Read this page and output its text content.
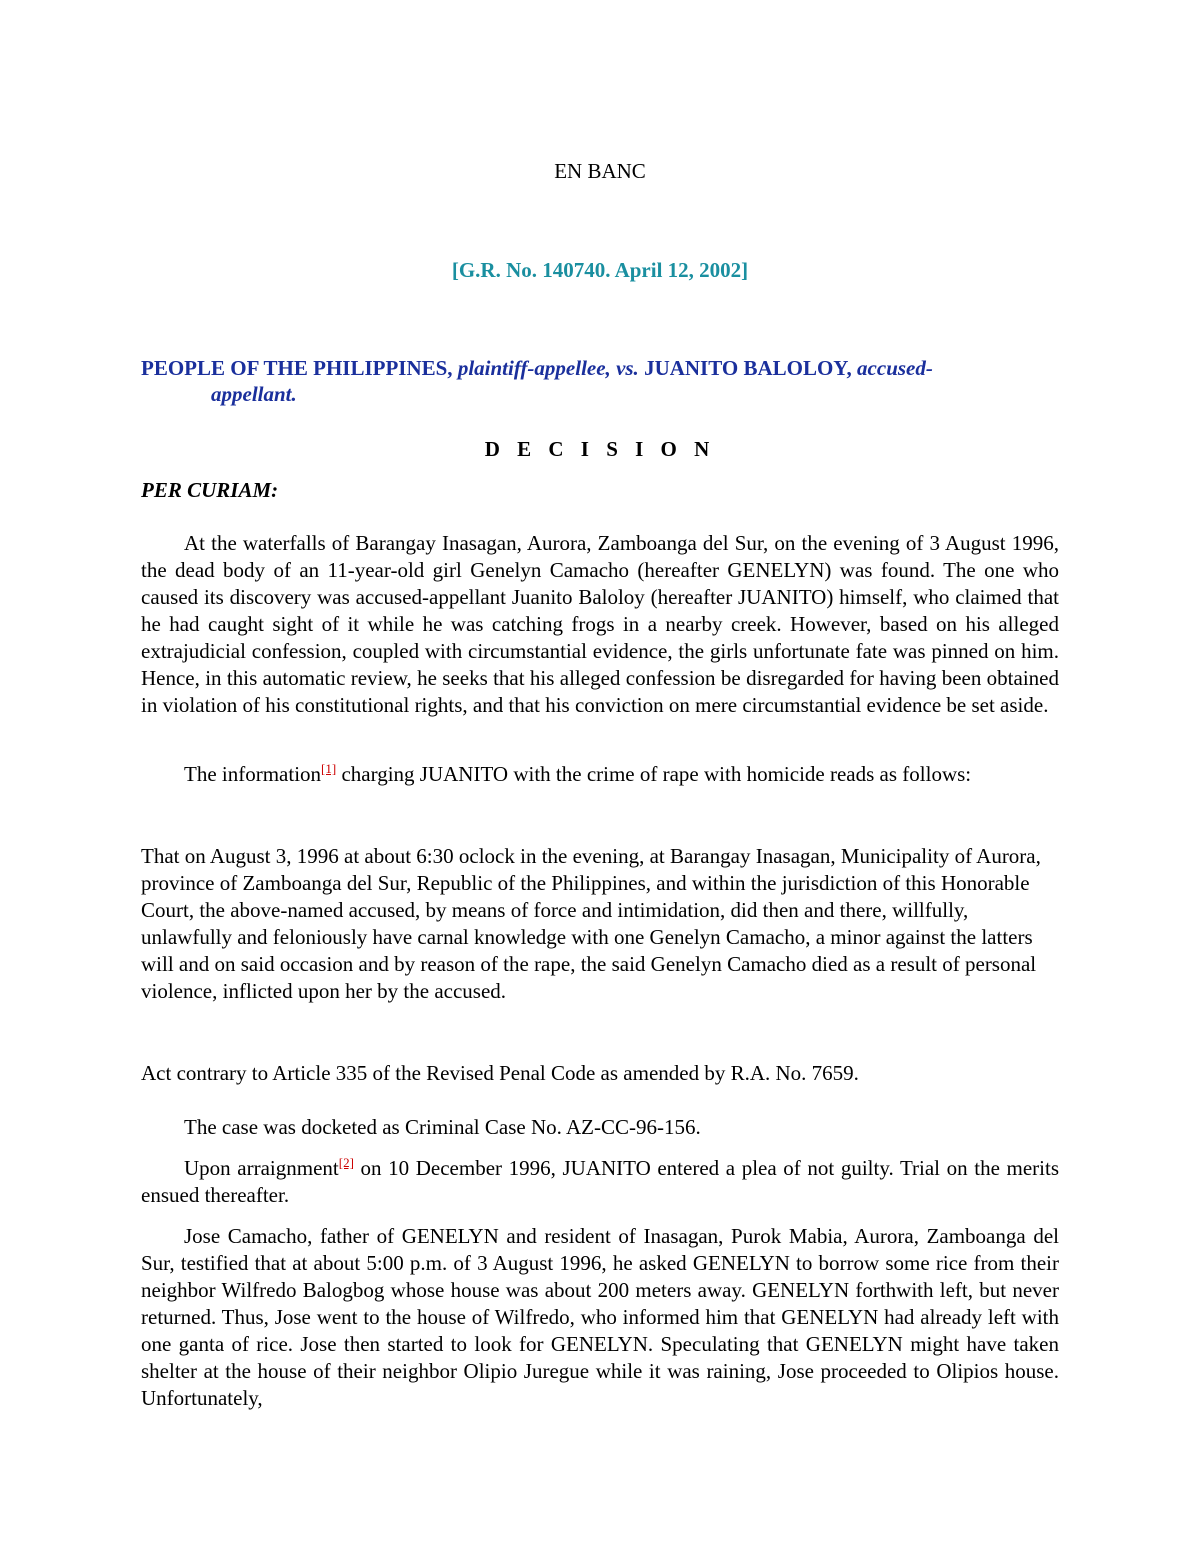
EN BANC
[G.R. No. 140740. April 12, 2002]
PEOPLE OF THE PHILIPPINES, plaintiff-appellee, vs. JUANITO BALOLOY, accused-
appellant.
D E C I S I O N
PER CURIAM:

At the waterfalls of Barangay Inasagan, Aurora, Zamboanga del Sur, on the evening of 3 August 1996, the dead body of an 11-year-old girl Genelyn Camacho (hereafter GENELYN) was found. The one who caused its discovery was accused-appellant Juanito Baloloy (hereafter JUANITO) himself, who claimed that he had caught sight of it while he was catching frogs in a nearby creek. However, based on his alleged extrajudicial confession, coupled with circumstantial evidence, the girls unfortunate fate was pinned on him. Hence, in this automatic review, he seeks that his alleged confession be disregarded for having been obtained in violation of his constitutional rights, and that his conviction on mere circumstantial evidence be set aside.

The information[1] charging JUANITO with the crime of rape with homicide reads as follows:

That on August 3, 1996 at about 6:30 oclock in the evening, at Barangay Inasagan, Municipality of Aurora, province of Zamboanga del Sur, Republic of the Philippines, and within the jurisdiction of this Honorable Court, the above-named accused, by means of force and intimidation, did then and there, willfully, unlawfully and feloniously have carnal knowledge with one Genelyn Camacho, a minor against the latters will and on said occasion and by reason of the rape, the said Genelyn Camacho died as a result of personal violence, inflicted upon her by the accused.

Act contrary to Article 335 of the Revised Penal Code as amended by R.A. No. 7659.

The case was docketed as Criminal Case No. AZ-CC-96-156.

Upon arraignment[2] on 10 December 1996, JUANITO entered a plea of not guilty. Trial on the merits ensued thereafter.

Jose Camacho, father of GENELYN and resident of Inasagan, Purok Mabia, Aurora, Zamboanga del Sur, testified that at about 5:00 p.m. of 3 August 1996, he asked GENELYN to borrow some rice from their neighbor Wilfredo Balogbog whose house was about 200 meters away. GENELYN forthwith left, but never returned. Thus, Jose went to the house of Wilfredo, who informed him that GENELYN had already left with one ganta of rice. Jose then started to look for GENELYN. Speculating that GENELYN might have taken shelter at the house of their neighbor Olipio Juregue while it was raining, Jose proceeded to Olipios house. Unfortunately,
